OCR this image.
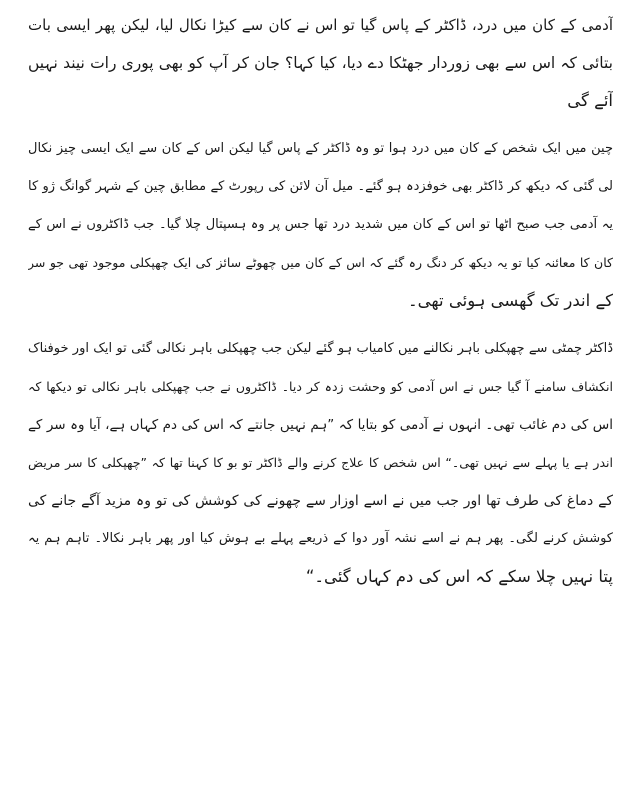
آدمی کے کان میں درد، ڈاکٹر کے پاس گیا تو اس نے کان سے کیڑا نکال لیا، لیکن پھر ایسی بات
بتائی کہ اس سے بھی زوردار جھٹکا دے دیا، کیا کہا؟ جان کر آپ کو بھی پوری رات نیند نہیں
آئے گی
چین میں ایک شخص کے کان میں درد ہوا تو وہ ڈاکٹر کے پاس گیا لیکن اس کے کان سے ایک ایسی چیز نکال
لی گئی کہ دیکھ کر ڈاکٹر بھی خوفزدہ ہو گئے۔ میل آن لائن کی رپورٹ کے مطابق چین کے شہر گوانگ ژو کا
یہ آدمی جب صبح اٹھا تو اس کے کان میں شدید درد تھا جس پر وہ ہسپتال چلا گیا۔ جب ڈاکٹروں نے اس کے
کان کا معائنہ کیا تو یہ دیکھ کر دنگ رہ گئے کہ اس کے کان میں چھوٹے سائز کی ایک چھپکلی موجود تھی جو سر
کے اندر تک گھسی ہوئی تھی۔
ڈاکٹر چمٹی سے چھپکلی باہر نکالنے میں کامیاب ہو گئے لیکن جب چھپکلی باہر نکالی گئی تو ایک اور خوفناک
انکشاف سامنے آ گیا جس نے اس آدمی کو وحشت زدہ کر دیا۔ ڈاکٹروں نے جب چھپکلی باہر نکالی تو دیکھا کہ
اس کی دم غائب تھی۔ انہوں نے آدمی کو بتایا کہ ”ہم نہیں جانتے کہ اس کی دم کہاں ہے، آیا وہ سر کے
اندر ہے یا پہلے سے نہیں تھی۔“ اس شخص کا علاج کرنے والے ڈاکٹر تو بو کا کہنا تھا کہ ”چھپکلی کا سر مریض
کے دماغ کی طرف تھا اور جب میں نے اسے اوزار سے چھونے کی کوشش کی تو وہ مزید آگے جانے کی
کوشش کرنے لگی۔ پھر ہم نے اسے نشہ آور دوا کے ذریعے پہلے بے ہوش کیا اور پھر باہر نکالا۔ تاہم ہم یہ
پتا نہیں چلا سکے کہ اس کی دم کہاں گئی۔“
